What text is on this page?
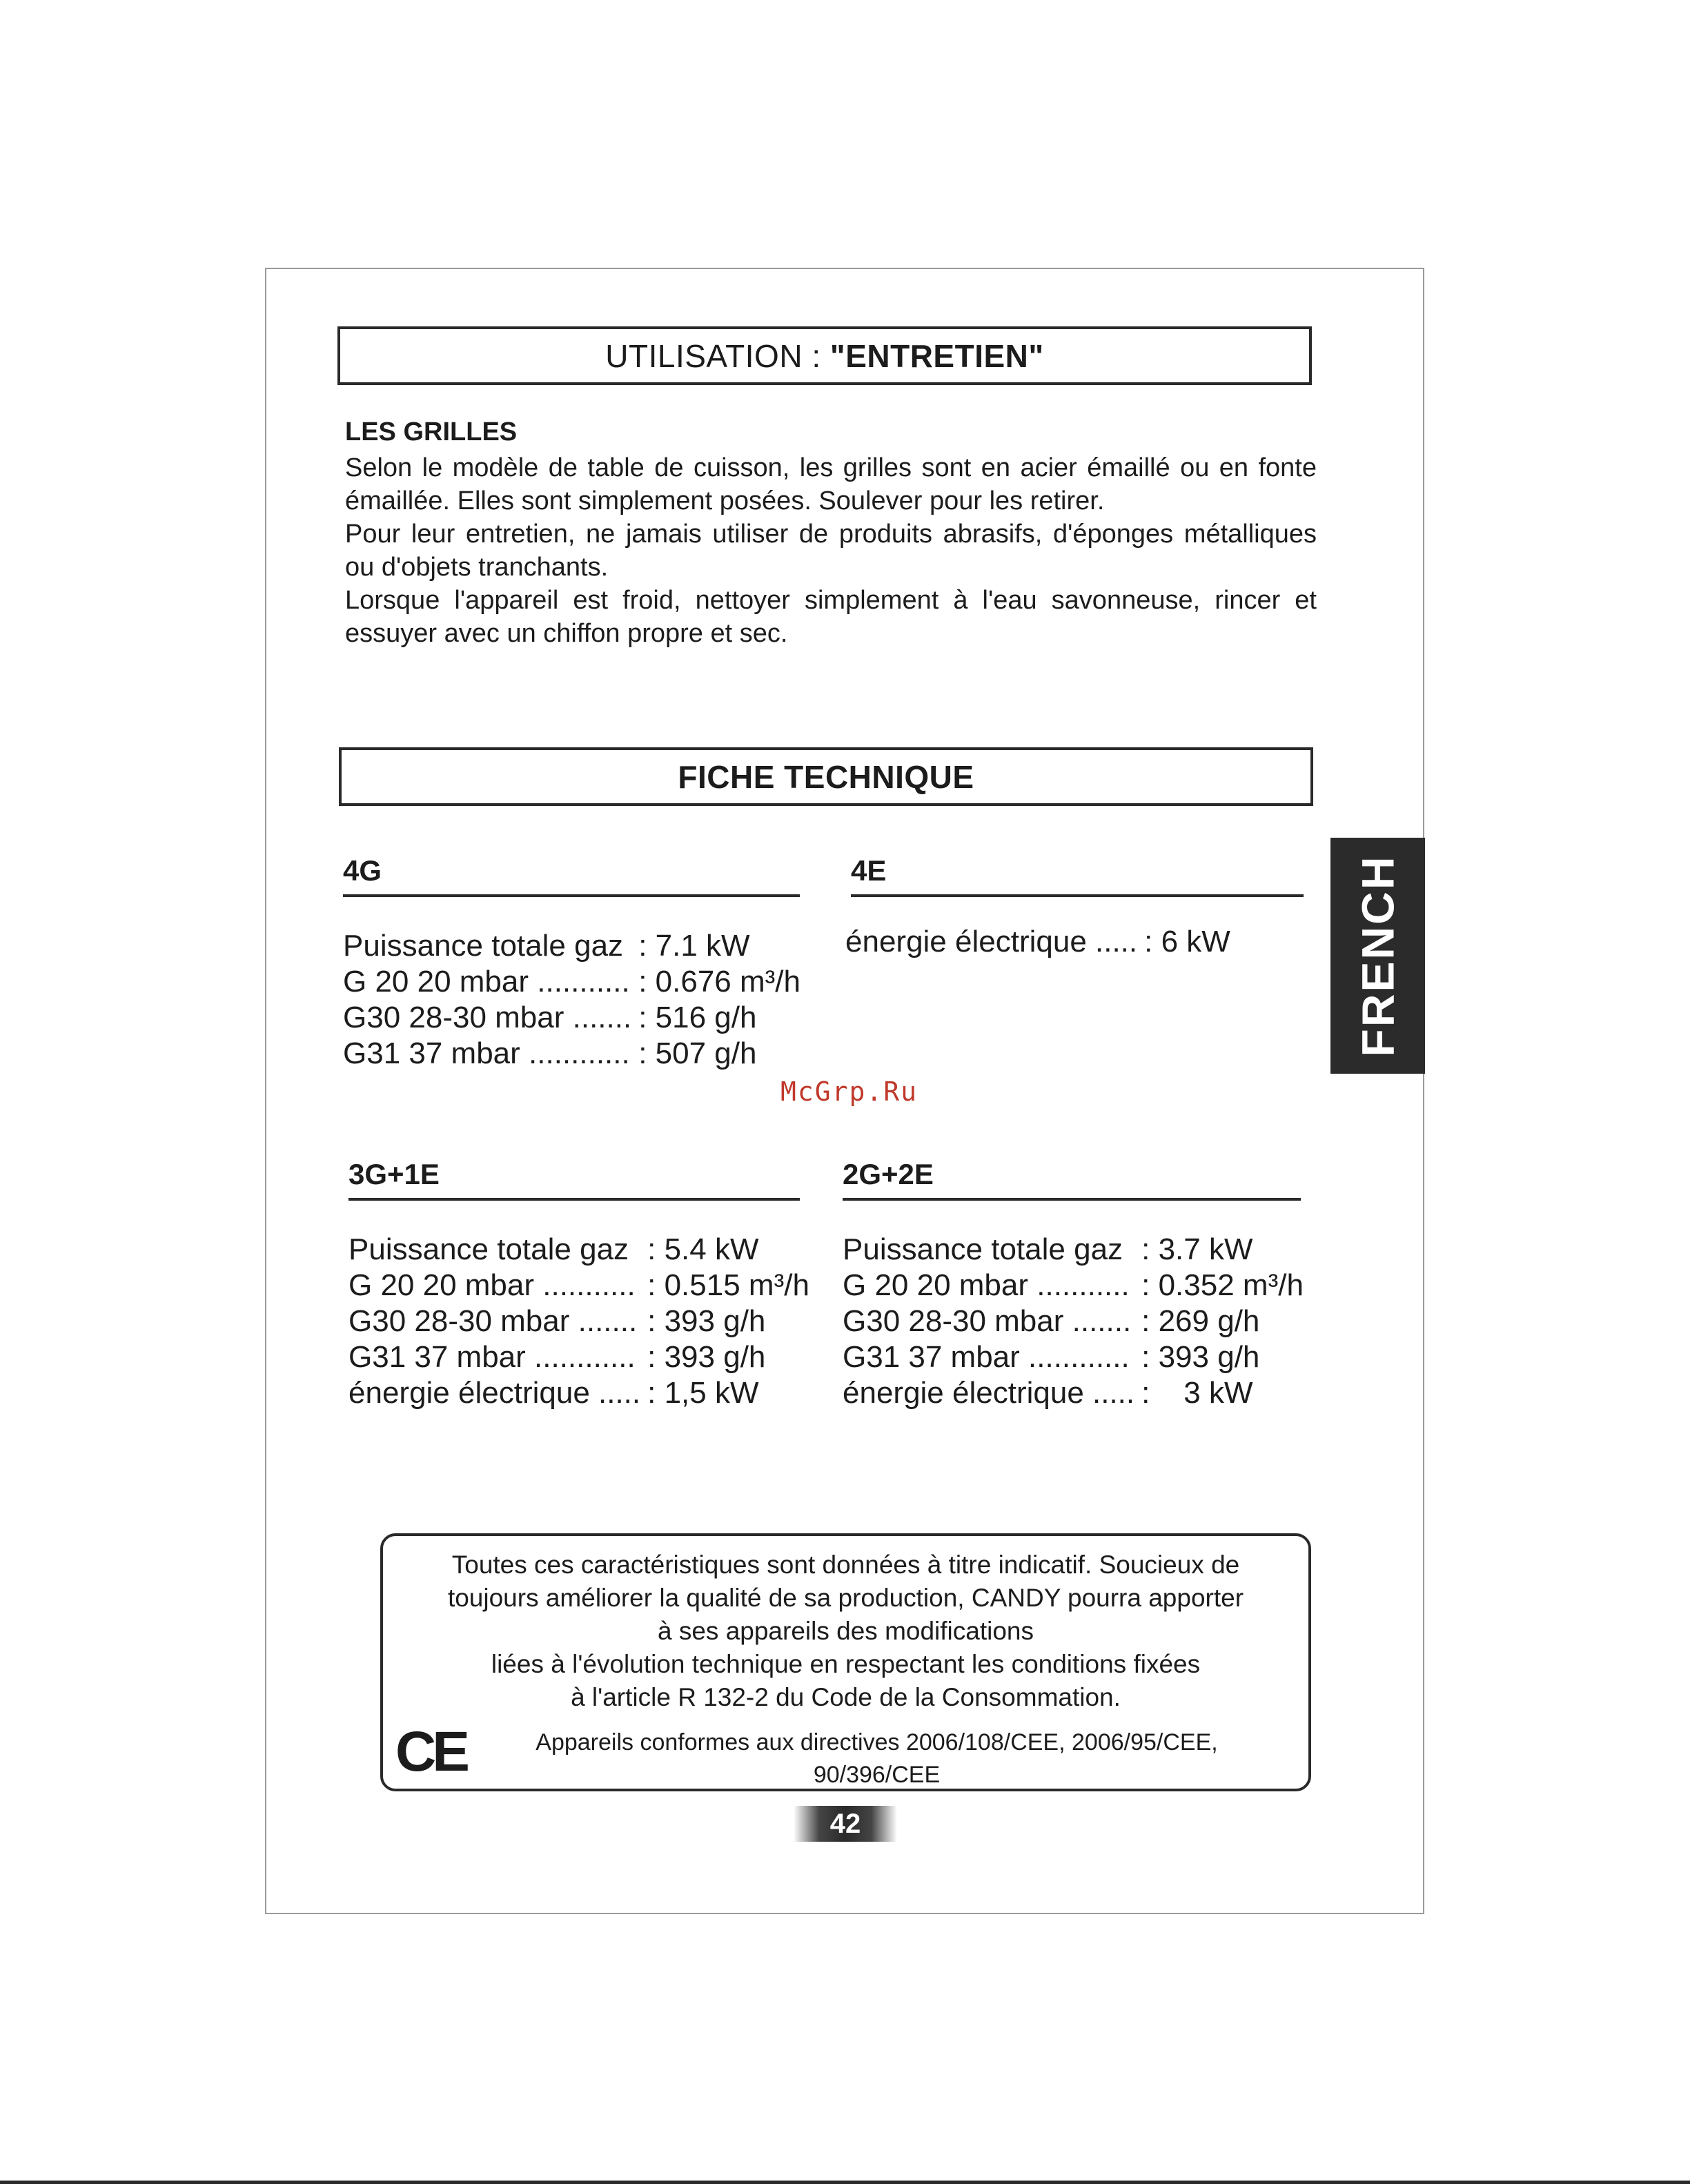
UTILISATION : "ENTRETIEN"
LES GRILLES
Selon le modèle de table de cuisson, les grilles sont en acier émaillé ou en fonte émaillée. Elles sont simplement posées. Soulever pour les retirer.
Pour leur entretien, ne jamais utiliser de produits abrasifs, d'éponges métalliques ou d'objets tranchants.
Lorsque l'appareil est froid, nettoyer simplement à l'eau savonneuse, rincer et essuyer avec un chiffon propre et sec.
FICHE TECHNIQUE
4G
Puissance totale gaz : 7.1 kW
G 20 20 mbar ........... : 0.676 m³/h
G30 28-30 mbar .......
: 516 g/h
G31 37 mbar ............ : 507 g/h
4E
énergie électrique .....
: 6 kW
3G+1E
Puissance totale gaz : 5.4 kW
G 20 20 mbar ........... : 0.515 m³/h
G30 28-30 mbar ....... : 393 g/h
G31 37 mbar ............ : 393 g/h
énergie électrique ..... : 1,5 kW
2G+2E
Puissance totale gaz : 3.7 kW
G 20 20 mbar ........... : 0.352 m³/h
G30 28-30 mbar ....... : 269 g/h
G31 37 mbar ............ : 393 g/h
énergie électrique .....
:    3 kW
FRENCH
McGrp.Ru
Toutes ces caractéristiques sont données à titre indicatif. Soucieux de
toujours améliorer la qualité de sa production, CANDY pourra apporter
à ses appareils des modifications
liées à l'évolution technique en respectant les conditions fixées
à l'article R 132-2 du Code de la Consommation.
CE	Appareils conformes aux directives 2006/108/CEE, 2006/95/CEE,
90/396/CEE
42
